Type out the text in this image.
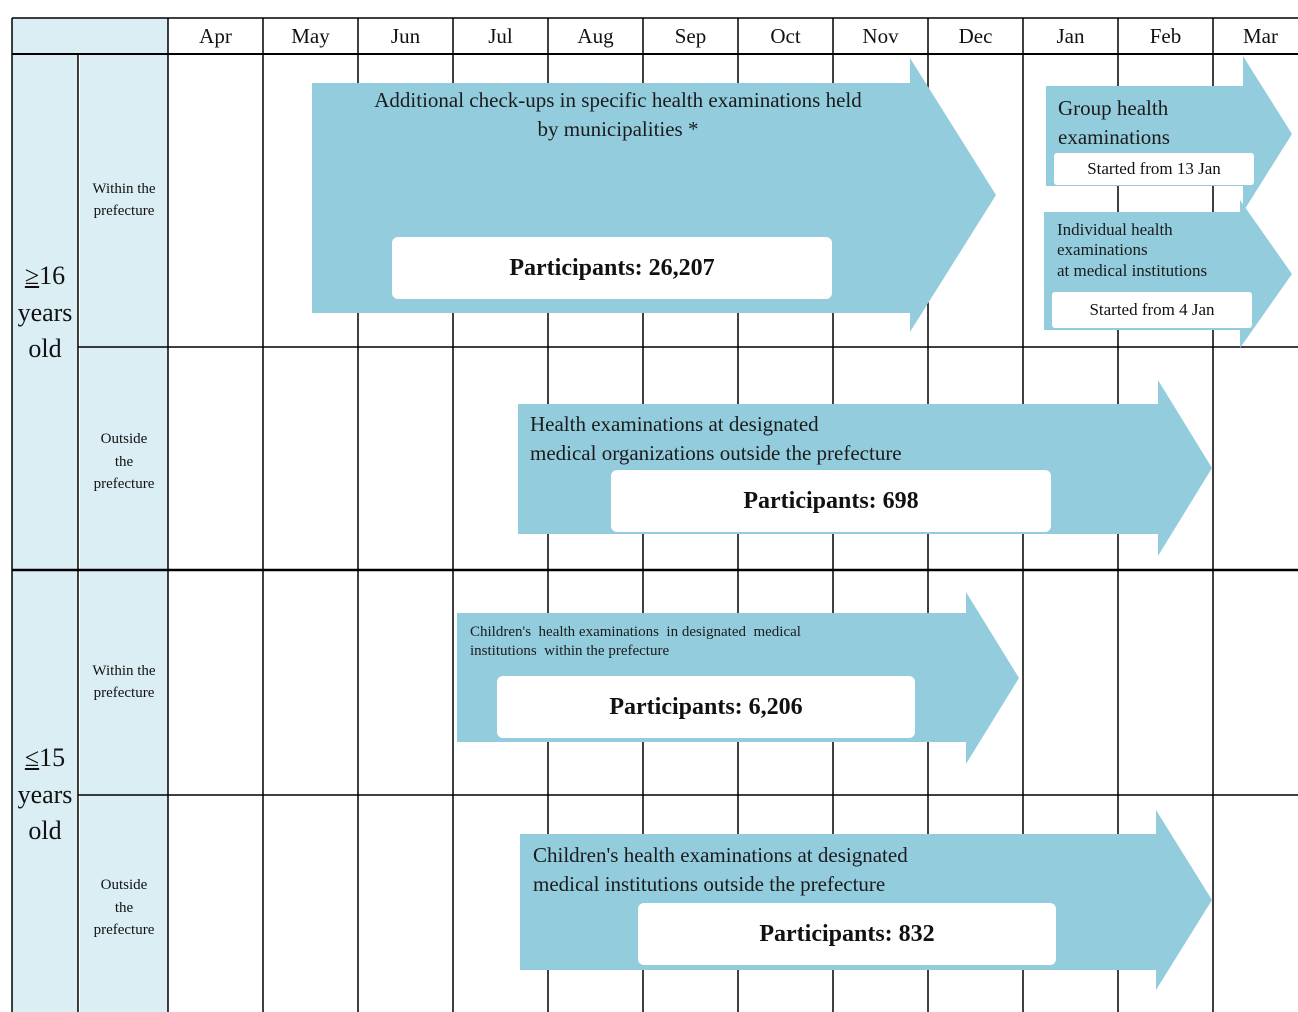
Apr	May	Jun	Jul	Aug	Sep	Oct	Nov	Dec	Jan	Feb	Mar
≥16
years
old
≤15
years
old
Within the
prefecture
Outside
the
prefecture
Within the
prefecture
Outside
the
prefecture
Additional check-ups in specific health examinations held
by municipalities *
Participants: 26,207
Group health
examinations
Started from 13 Jan
Individual health
examinations
at medical institutions
Started from 4 Jan
Health examinations at designated
medical organizations outside the prefecture
Participants: 698
Children's  health examinations  in designated  medical
institutions  within the prefecture
Participants: 6,206
Children's health examinations at designated
medical institutions outside the prefecture
Participants: 832
